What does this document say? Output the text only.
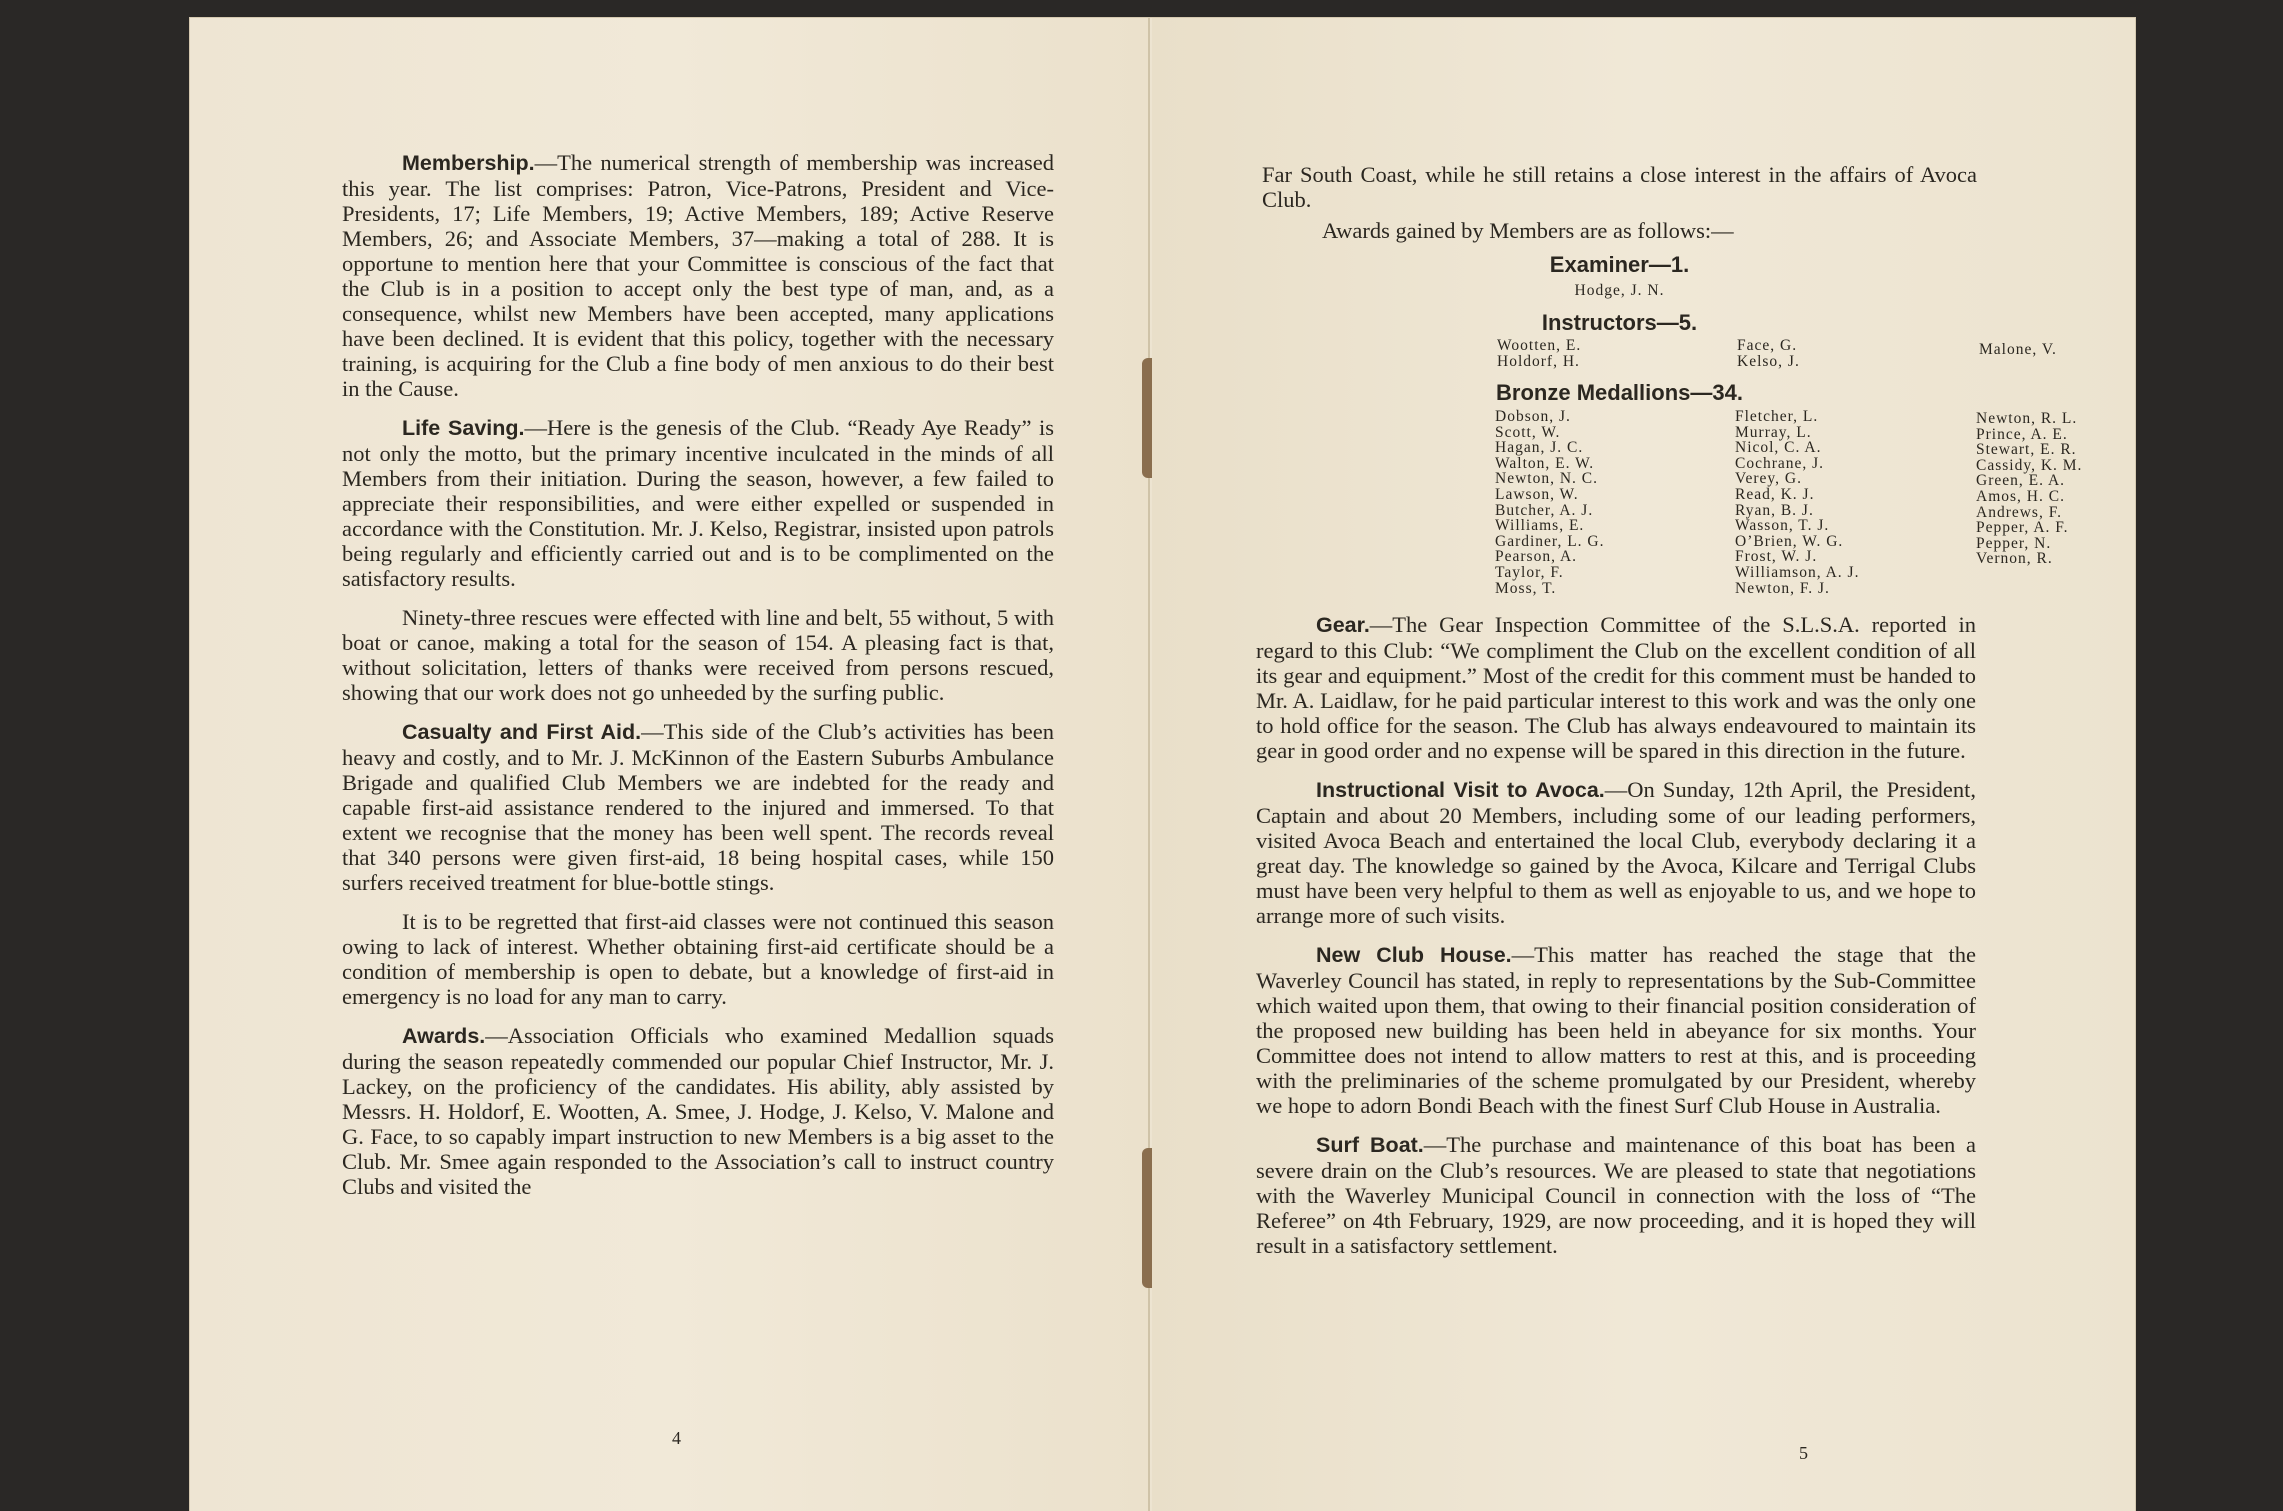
Membership.—The numerical strength of membership was increased this year. The list comprises: Patron, Vice-Patrons, President and Vice-Presidents, 17; Life Members, 19; Active Members, 189; Active Reserve Members, 26; and Associate Members, 37—making a total of 288. It is opportune to mention here that your Committee is conscious of the fact that the Club is in a position to accept only the best type of man, and, as a consequence, whilst new Members have been accepted, many applications have been declined. It is evident that this policy, together with the necessary training, is acquiring for the Club a fine body of men anxious to do their best in the Cause.

Life Saving.—Here is the genesis of the Club. “Ready Aye Ready” is not only the motto, but the primary incentive inculcated in the minds of all Members from their initiation. During the season, however, a few failed to appreciate their responsibilities, and were either expelled or suspended in accordance with the Constitution. Mr. J. Kelso, Registrar, insisted upon patrols being regularly and efficiently carried out and is to be complimented on the satisfactory results.

Ninety-three rescues were effected with line and belt, 55 without, 5 with boat or canoe, making a total for the season of 154. A pleasing fact is that, without solicitation, letters of thanks were received from persons rescued, showing that our work does not go unheeded by the surfing public.

Casualty and First Aid.—This side of the Club’s activities has been heavy and costly, and to Mr. J. McKinnon of the Eastern Suburbs Ambulance Brigade and qualified Club Members we are indebted for the ready and capable first-aid assistance rendered to the injured and immersed. To that extent we recognise that the money has been well spent. The records reveal that 340 persons were given first-aid, 18 being hospital cases, while 150 surfers received treatment for blue-bottle stings.

It is to be regretted that first-aid classes were not continued this season owing to lack of interest. Whether obtaining first-aid certificate should be a condition of membership is open to debate, but a knowledge of first-aid in emergency is no load for any man to carry.

Awards.—Association Officials who examined Medallion squads during the season repeatedly commended our popular Chief Instructor, Mr. J. Lackey, on the proficiency of the candidates. His ability, ably assisted by Messrs. H. Holdorf, E. Wootten, A. Smee, J. Hodge, J. Kelso, V. Malone and G. Face, to so capably impart instruction to new Members is a big asset to the Club. Mr. Smee again responded to the Association’s call to instruct country Clubs and visited the

4

Far South Coast, while he still retains a close interest in the affairs of Avoca Club.

Awards gained by Members are as follows:—

Examiner—1.
Hodge, J. N.
Instructors—5.
Wootten, E.
Holdorf, H.
Face, G.
Kelso, J.
Malone, V.
Bronze Medallions—34.
Dobson, J.
Scott, W.
Hagan, J. C.
Walton, E. W.
Newton, N. C.
Lawson, W.
Butcher, A. J.
Williams, E.
Gardiner, L. G.
Pearson, A.
Taylor, F.
Moss, T.
Fletcher, L.
Murray, L.
Nicol, C. A.
Cochrane, J.
Verey, G.
Read, K. J.
Ryan, B. J.
Wasson, T. J.
O’Brien, W. G.
Frost, W. J.
Williamson, A. J.
Newton, F. J.
Newton, R. L.
Prince, A. E.
Stewart, E. R.
Cassidy, K. M.
Green, E. A.
Amos, H. C.
Andrews, F.
Pepper, A. F.
Pepper, N.
Vernon, R.

Gear.—The Gear Inspection Committee of the S.L.S.A. reported in regard to this Club: “We compliment the Club on the excellent condition of all its gear and equipment.” Most of the credit for this comment must be handed to Mr. A. Laidlaw, for he paid particular interest to this work and was the only one to hold office for the season. The Club has always endeavoured to maintain its gear in good order and no expense will be spared in this direction in the future.

Instructional Visit to Avoca.—On Sunday, 12th April, the President, Captain and about 20 Members, including some of our leading performers, visited Avoca Beach and entertained the local Club, everybody declaring it a great day. The knowledge so gained by the Avoca, Kilcare and Terrigal Clubs must have been very helpful to them as well as enjoyable to us, and we hope to arrange more of such visits.

New Club House.—This matter has reached the stage that the Waverley Council has stated, in reply to representations by the Sub-Committee which waited upon them, that owing to their financial position consideration of the proposed new building has been held in abeyance for six months. Your Committee does not intend to allow matters to rest at this, and is proceeding with the preliminaries of the scheme promulgated by our President, whereby we hope to adorn Bondi Beach with the finest Surf Club House in Australia.

Surf Boat.—The purchase and maintenance of this boat has been a severe drain on the Club’s resources. We are pleased to state that negotiations with the Waverley Municipal Council in connection with the loss of “The Referee” on 4th February, 1929, are now proceeding, and it is hoped they will result in a satisfactory settlement.

5
